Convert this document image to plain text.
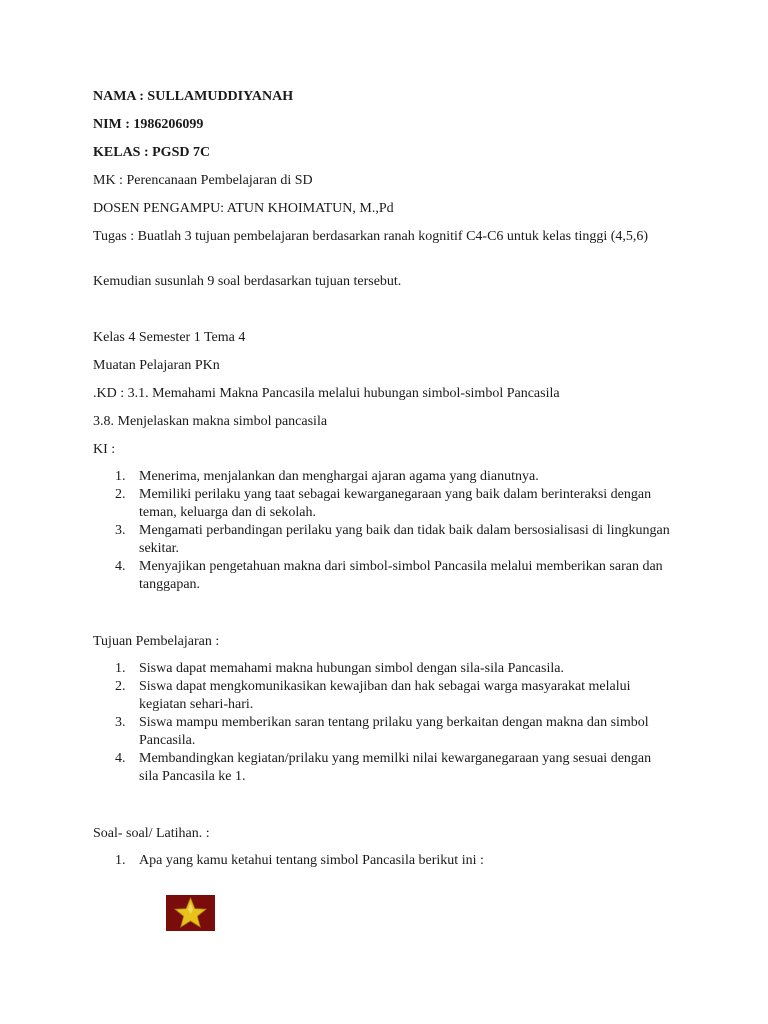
NAMA : SULLAMUDDIYANAH
NIM : 1986206099
KELAS : PGSD 7C
MK : Perencanaan Pembelajaran di SD
DOSEN PENGAMPU: ATUN KHOIMATUN, M.,Pd
Tugas : Buatlah 3 tujuan pembelajaran berdasarkan ranah kognitif C4-C6 untuk kelas tinggi (4,5,6)
Kemudian susunlah 9 soal berdasarkan tujuan tersebut.
Kelas 4 Semester 1 Tema 4
Muatan Pelajaran PKn
.KD : 3.1. Memahami Makna Pancasila melalui hubungan simbol-simbol Pancasila
3.8. Menjelaskan makna simbol pancasila
KI :
1. Menerima, menjalankan dan menghargai ajaran agama yang dianutnya.
2. Memiliki perilaku yang taat sebagai kewarganegaraan yang baik dalam berinteraksi dengan teman, keluarga dan di sekolah.
3. Mengamati perbandingan perilaku yang baik dan tidak baik dalam bersosialisasi di lingkungan sekitar.
4. Menyajikan pengetahuan makna dari simbol-simbol Pancasila melalui memberikan saran dan tanggapan.
Tujuan Pembelajaran :
1. Siswa dapat memahami makna hubungan simbol dengan sila-sila Pancasila.
2. Siswa dapat mengkomunikasikan kewajiban dan hak sebagai warga masyarakat melalui kegiatan sehari-hari.
3. Siswa mampu memberikan saran tentang prilaku yang berkaitan dengan makna dan simbol Pancasila.
4. Membandingkan kegiatan/prilaku yang memilki nilai kewarganegaraan yang sesuai dengan sila Pancasila ke 1.
Soal- soal/ Latihan. :
1. Apa yang kamu ketahui tentang simbol Pancasila berikut ini :
